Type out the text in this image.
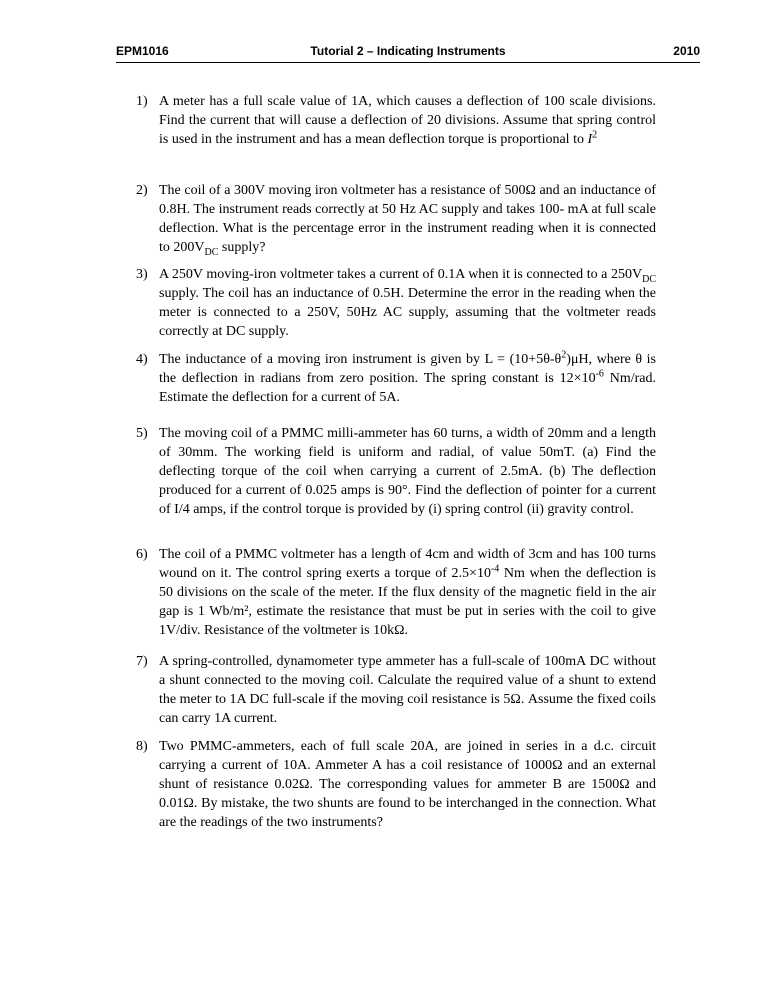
EPM1016	Tutorial 2 – Indicating Instruments	2010
1) A meter has a full scale value of 1A, which causes a deflection of 100 scale divisions. Find the current that will cause a deflection of 20 divisions. Assume that spring control is used in the instrument and has a mean deflection torque is proportional to $I^2$

2) The coil of a 300V moving iron voltmeter has a resistance of 500Ω and an inductance of 0.8H. The instrument reads correctly at 50 Hz AC supply and takes 100- mA at full scale deflection. What is the percentage error in the instrument reading when it is connected to $200V_{DC}$ supply?

3) A 250V moving-iron voltmeter takes a current of 0.1A when it is connected to a $250V_{DC}$ supply. The coil has an inductance of 0.5H. Determine the error in the reading when the meter is connected to a 250V, 50Hz AC supply, assuming that the voltmeter reads correctly at DC supply.

4) The inductance of a moving iron instrument is given by $L = (10+5\theta-\theta^2)\mu H$, where θ is the deflection in radians from zero position. The spring constant is $12\times 10^{-6}$ Nm/rad. Estimate the deflection for a current of 5A.

5) The moving coil of a PMMC milli-ammeter has 60 turns, a width of 20mm and a length of 30mm. The working field is uniform and radial, of value 50mT. (a) Find the deflecting torque of the coil when carrying a current of 2.5mA. (b) The deflection produced for a current of 0.025 amps is 90°. Find the deflection of pointer for a current of I/4 amps, if the control torque is provided by (i) spring control (ii) gravity control.

6) The coil of a PMMC voltmeter has a length of 4cm and width of 3cm and has 100 turns wound on it. The control spring exerts a torque of $2.5\times 10^{-4}$ Nm when the deflection is 50 divisions on the scale of the meter. If the flux density of the magnetic field in the air gap is 1 Wb/m², estimate the resistance that must be put in series with the coil to give 1V/div. Resistance of the voltmeter is 10kΩ.

7) A spring-controlled, dynamometer type ammeter has a full-scale of 100mA DC without a shunt connected to the moving coil. Calculate the required value of a shunt to extend the meter to 1A DC full-scale if the moving coil resistance is 5Ω. Assume the fixed coils can carry 1A current.

8) Two PMMC-ammeters, each of full scale 20A, are joined in series in a d.c. circuit carrying a current of 10A. Ammeter A has a coil resistance of 1000Ω and an external shunt of resistance 0.02Ω. The corresponding values for ammeter B are 1500Ω and 0.01Ω. By mistake, the two shunts are found to be interchanged in the connection. What are the readings of the two instruments?
